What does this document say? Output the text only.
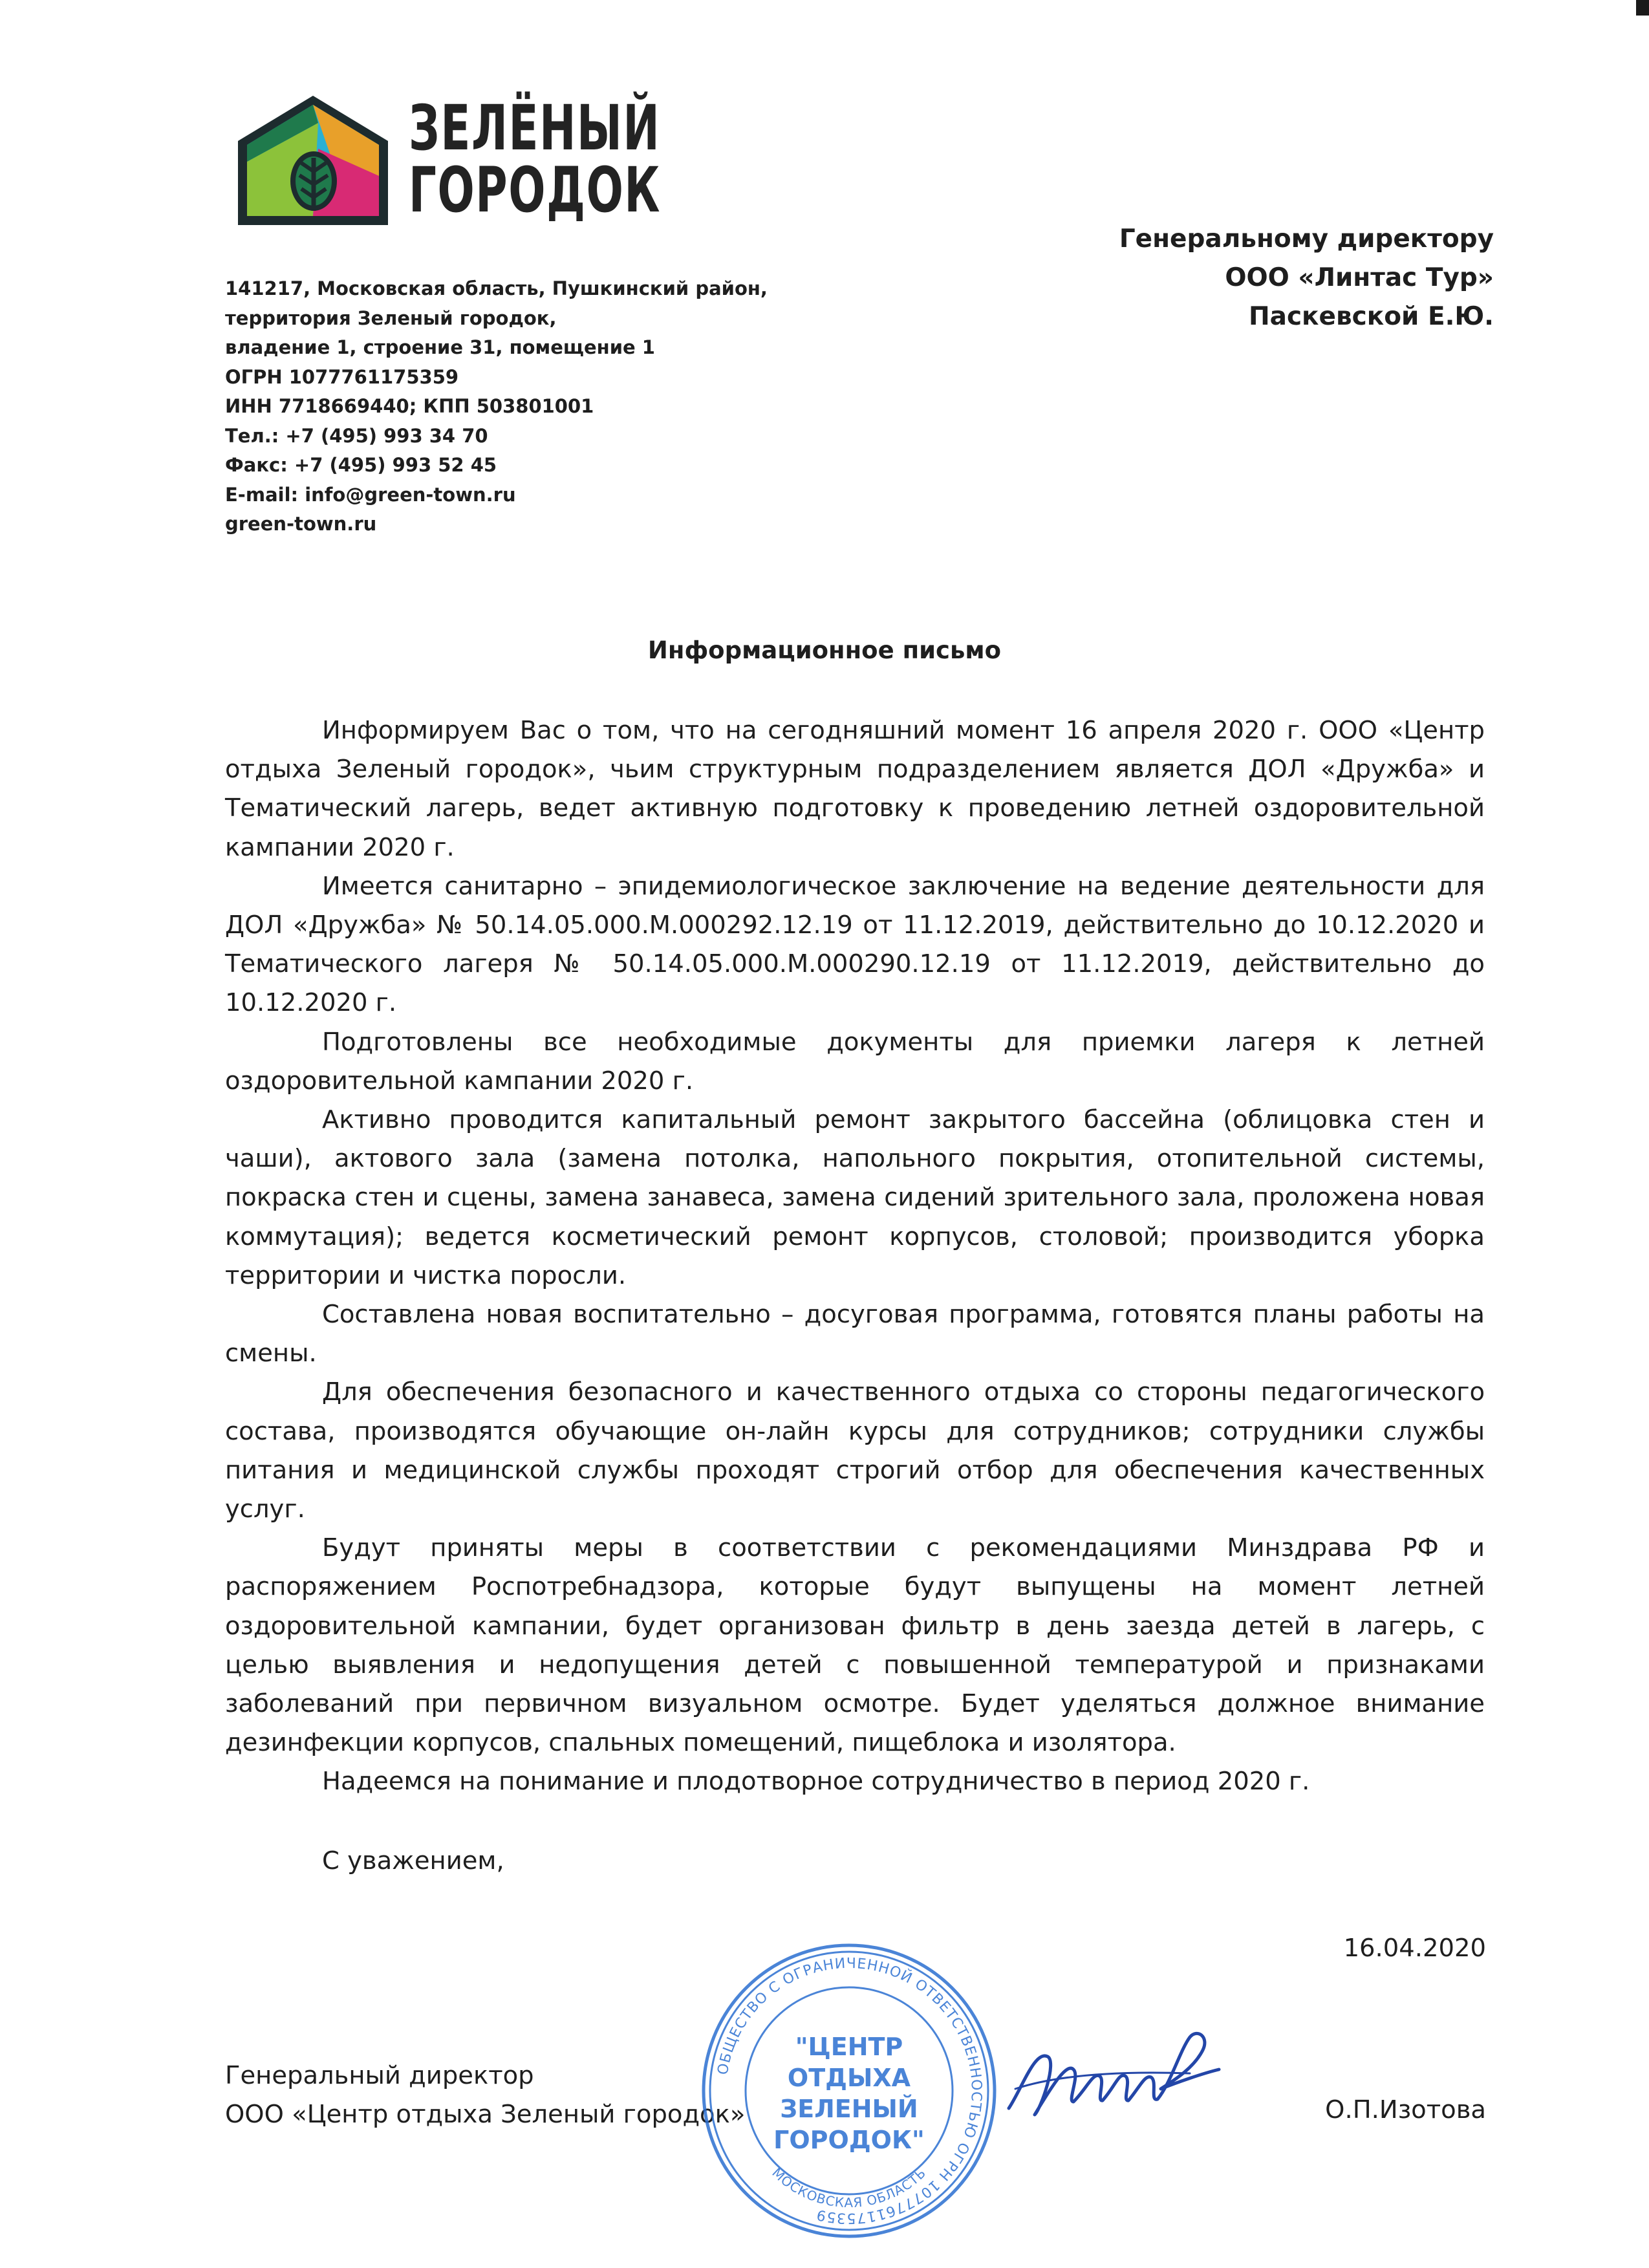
ЗЕЛЁНЫЙ
ГОРОДОК
141217, Московская область, Пушкинский район,
территория Зеленый городок,
владение 1, строение 31, помещение 1
ОГРН 1077761175359
ИНН 7718669440; КПП 503801001
Тел.: +7 (495) 993 34 70
Факс: +7 (495) 993 52 45
E-mail: info@green-town.ru
green-town.ru
Генеральному директору
ООО «Линтас Тур»
Паскевской Е.Ю.
Информационное письмо

Информируем Вас о том, что на сегодняшний момент 16 апреля 2020 г. ООО «Центр отдыха Зеленый городок», чьим структурным подразделением является ДОЛ «Дружба» и Тематический лагерь, ведет активную подготовку к проведению летней оздоровительной кампании 2020 г.

Имеется санитарно – эпидемиологическое заключение на ведение деятельности для ДОЛ «Дружба» № 50.14.05.000.М.000292.12.19 от 11.12.2019, действительно до 10.12.2020 и Тематического лагеря № 50.14.05.000.М.000290.12.19 от 11.12.2019, действительно до 10.12.2020 г.

Подготовлены все необходимые документы для приемки лагеря к летней оздоровительной кампании 2020 г.

Активно проводится капитальный ремонт закрытого бассейна (облицовка стен и чаши), актового зала (замена потолка, напольного покрытия, отопительной системы, покраска стен и сцены, замена занавеса, замена сидений зрительного зала, проложена новая коммутация); ведется косметический ремонт корпусов, столовой; производится уборка территории и чистка поросли.

Составлена новая воспитательно – досуговая программа, готовятся планы работы на смены.

Для обеспечения безопасного и качественного отдыха со стороны педагогического состава, производятся обучающие он-лайн курсы для сотрудников; сотрудники службы питания и медицинской службы проходят строгий отбор для обеспечения качественных услуг.

Будут приняты меры в соответствии с рекомендациями Минздрава РФ и распоряжением Роспотребнадзора, которые будут выпущены на момент летней оздоровительной кампании, будет организован фильтр в день заезда детей в лагерь, с целью выявления и недопущения детей с повышенной температурой и признаками заболеваний при первичном визуальном осмотре. Будет уделяться должное внимание дезинфекции корпусов, спальных помещений, пищеблока и изолятора.

Надеемся на понимание и плодотворное сотрудничество в период 2020 г.

С уважением,
16.04.2020
Генеральный директор
ООО «Центр отдыха Зеленый городок»	О.П.Изотова
ОБЩЕСТВО С ОГРАНИЧЕННОЙ ОТВЕТСТВЕННОСТЬЮ ОГРН 1077761175359
МОСКОВСКАЯ ОБЛАСТЬ
"ЦЕНТР
ОТДЫХА
ЗЕЛЕНЫЙ
ГОРОДОК"
